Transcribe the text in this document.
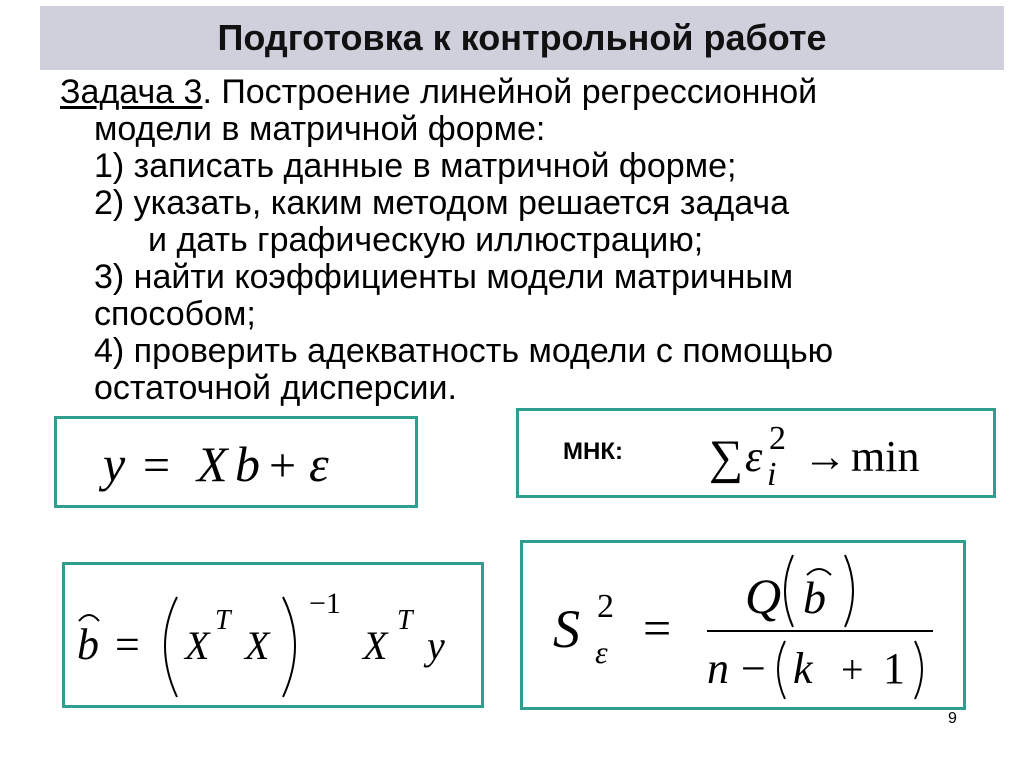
Подготовка к контрольной работе
Задача 3. Построение линейной регрессионной
модели в матричной форме:
1) записать данные в матричной форме;
2) указать, каким методом решается задача
и дать графическую иллюстрацию;
3) найти коэффициенты модели матричным
способом;
4) проверить адекватность модели с помощью
остаточной дисперсии.
y = X b + ε	МНК: ∑ ε 2
i → min
b = X
T
X
−1
X
T
y S 2
ε =
Q b
n − k + 1
9
